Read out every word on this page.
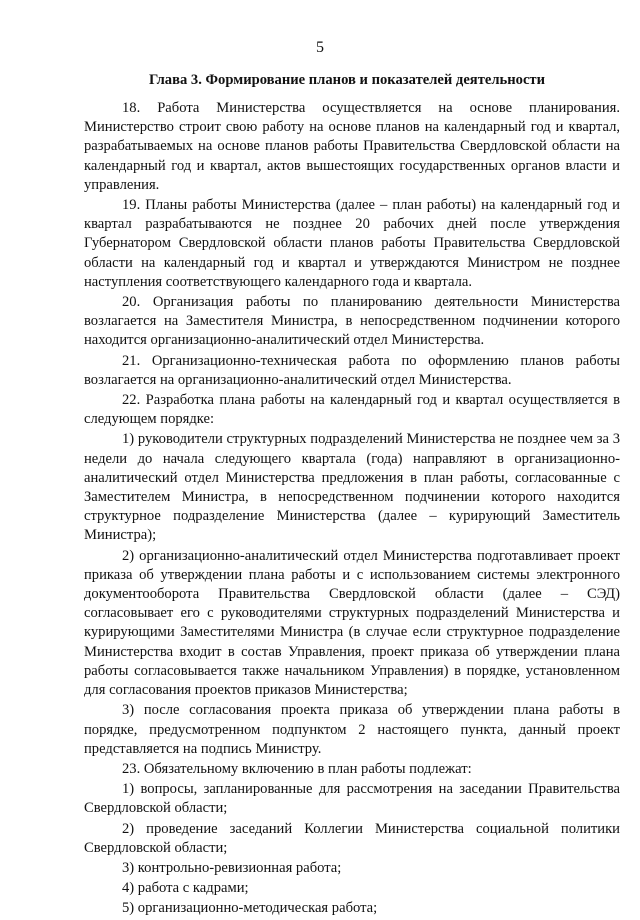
5
Глава 3. Формирование планов и показателей деятельности

18. Работа Министерства осуществляется на основе планирования. Министерство строит свою работу на основе планов на календарный год и квартал, разрабатываемых на основе планов работы Правительства Свердловской области на календарный год и квартал, актов вышестоящих государственных органов власти и управления.

19. Планы работы Министерства (далее – план работы) на календарный год и квартал разрабатываются не позднее 20 рабочих дней после утверждения Губернатором Свердловской области планов работы Правительства Свердловской области на календарный год и квартал и утверждаются Министром не позднее наступления соответствующего календарного года и квартала.

20. Организация работы по планированию деятельности Министерства возлагается на Заместителя Министра, в непосредственном подчинении которого находится организационно-аналитический отдел Министерства.

21. Организационно-техническая работа по оформлению планов работы возлагается на организационно-аналитический отдел Министерства.

22. Разработка плана работы на календарный год и квартал осуществляется в следующем порядке:

1) руководители структурных подразделений Министерства не позднее чем за 3 недели до начала следующего квартала (года) направляют в организационно-аналитический отдел Министерства предложения в план работы, согласованные с Заместителем Министра, в непосредственном подчинении которого находится структурное подразделение Министерства (далее – курирующий Заместитель Министра);

2) организационно-аналитический отдел Министерства подготавливает проект приказа об утверждении плана работы и с использованием системы электронного документооборота Правительства Свердловской области (далее – СЭД) согласовывает его с руководителями структурных подразделений Министерства и курирующими Заместителями Министра (в случае если структурное подразделение Министерства входит в состав Управления, проект приказа об утверждении плана работы согласовывается также начальником Управления) в порядке, установленном для согласования проектов приказов Министерства;

3) после согласования проекта приказа об утверждении плана работы в порядке, предусмотренном подпунктом 2 настоящего пункта, данный проект представляется на подпись Министру.

23. Обязательному включению в план работы подлежат:

1) вопросы, запланированные для рассмотрения на заседании Правительства Свердловской области;

2) проведение заседаний Коллегии Министерства социальной политики Свердловской области;

3) контрольно-ревизионная работа;

4) работа с кадрами;

5) организационно-методическая работа;
